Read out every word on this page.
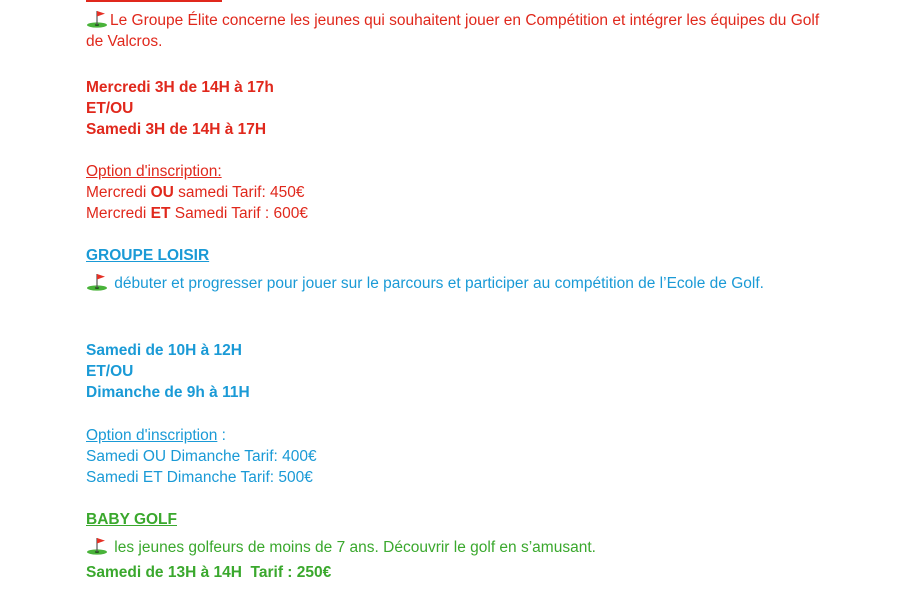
Le Groupe Élite concerne les jeunes qui souhaitent jouer en Compétition et intégrer les équipes du Golf de Valcros.
Mercredi 3H de 14H à 17h
ET/OU
Samedi 3H de 14H à 17H
Option d'inscription:
Mercredi OU samedi Tarif: 450€
Mercredi ET Samedi Tarif : 600€
GROUPE LOISIR
débuter et progresser pour jouer sur le parcours et participer au compétition de l’Ecole de Golf.
Samedi de 10H à 12H
ET/OU
Dimanche de 9h à 11H
Option d'inscription :
Samedi OU Dimanche Tarif: 400€
Samedi ET Dimanche Tarif: 500€
BABY GOLF
les jeunes golfeurs de moins de 7 ans. Découvrir le golf en s’amusant.
Samedi de 13H à 14H  Tarif : 250€
